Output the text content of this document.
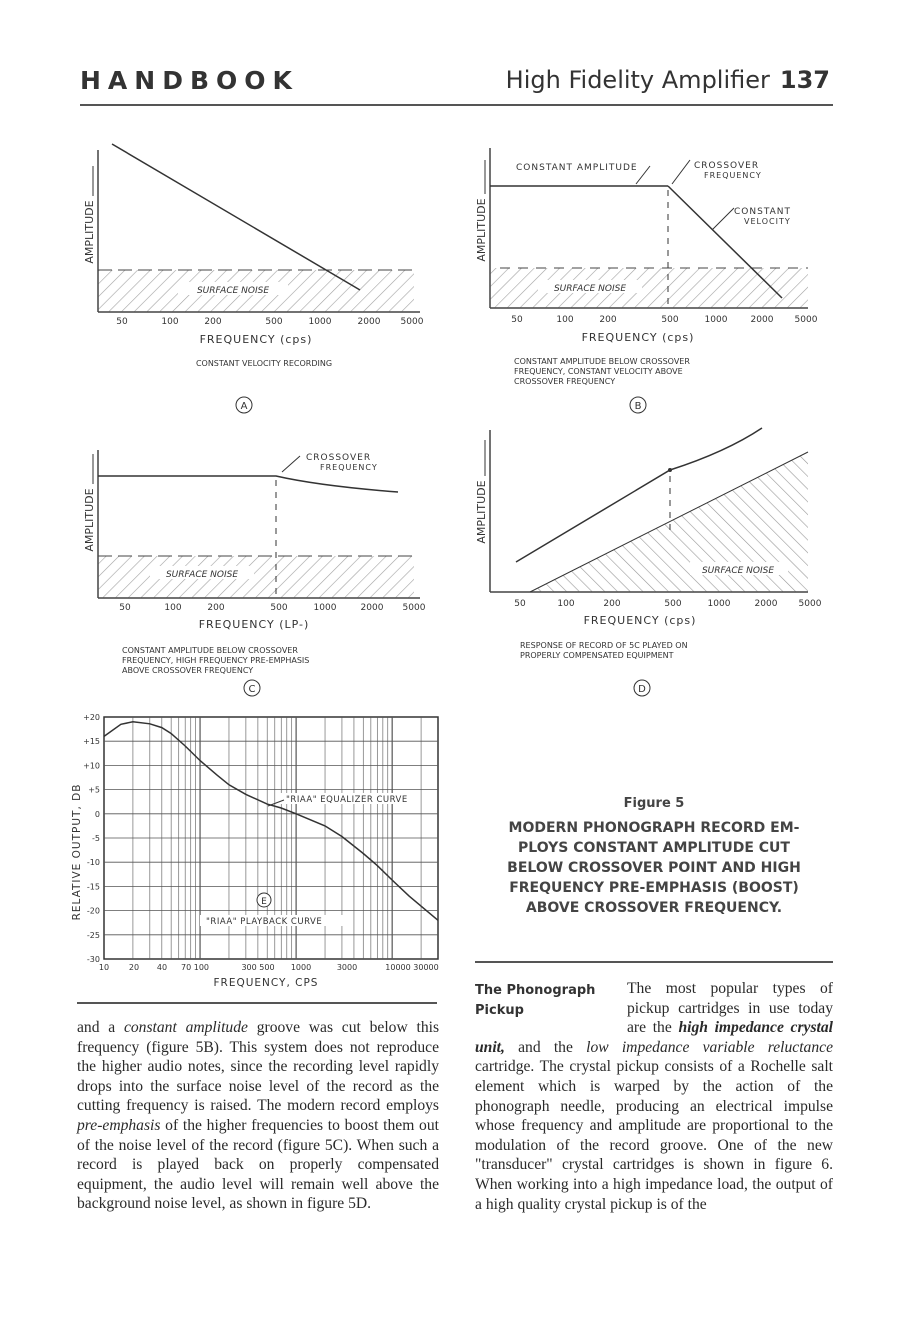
HANDBOOK	High Fidelity Amplifier 137
SURFACE NOISE
AMPLITUDE
50	100	200	500	1000	2000 5000
FREQUENCY (cps)
CONSTANT VELOCITY RECORDING
A
CONSTANT AMPLITUDE	CROSSOVER
FREQUENCY
CONSTANT
VELOCITY
SURFACE NOISE
AMPLITUDE
50	100	200	500	1000	2000 5000
FREQUENCY (cps)
CONSTANT AMPLITUDE BELOW CROSSOVER
FREQUENCY, CONSTANT VELOCITY ABOVE
CROSSOVER FREQUENCY
B
CROSSOVER
FREQUENCY
SURFACE NOISE
AMPLITUDE
50	100	200	500	1000	2000 5000
FREQUENCY (LP-)
CONSTANT AMPLITUDE BELOW CROSSOVER
FREQUENCY, HIGH FREQUENCY PRE-EMPHASIS
ABOVE CROSSOVER FREQUENCY
C
SURFACE NOISE
AMPLITUDE
50	100	200	500	1000	2000 5000
FREQUENCY (cps)
RESPONSE OF RECORD OF 5C PLAYED ON
PROPERLY COMPENSATED EQUIPMENT
D
+20
+15
+10
+5
0
-5
-10
-15
-20
-25
-30
10 20 40 70 100	300 500 1000	3000	10000 30000
"RIAA" EQUALIZER CURVE
"RIAA" PLAYBACK CURVE
E
RELATIVE OUTPUT, DB
FREQUENCY, CPS
Figure 5
MODERN PHONOGRAPH RECORD EM-
PLOYS CONSTANT AMPLITUDE CUT
BELOW CROSSOVER POINT AND HIGH
FREQUENCY PRE-EMPHASIS (BOOST)
ABOVE CROSSOVER FREQUENCY.
and a constant amplitude groove was cut below this frequency (figure 5B). This system does not reproduce the higher audio notes, since the recording level rapidly drops into the surface noise level of the record as the cutting frequency is raised. The modern record employs pre-emphasis of the higher frequencies to boost them out of the noise level of the record (figure 5C). When such a record is played back on properly compensated equipment, the audio level will remain well above the background noise level, as shown in figure 5D.
The Phonograph
Pickup
The most popular types of pickup cartridges in use today are the high impedance crystal unit, and the low impedance variable reluctance cartridge. The crystal pickup consists of a Rochelle salt element which is warped by the action of the phonograph needle, producing an electrical impulse whose frequency and amplitude are proportional to the modulation of the record groove. One of the new "transducer" crystal cartridges is shown in figure 6. When working into a high impedance load, the output of a high quality crystal pickup is of the
